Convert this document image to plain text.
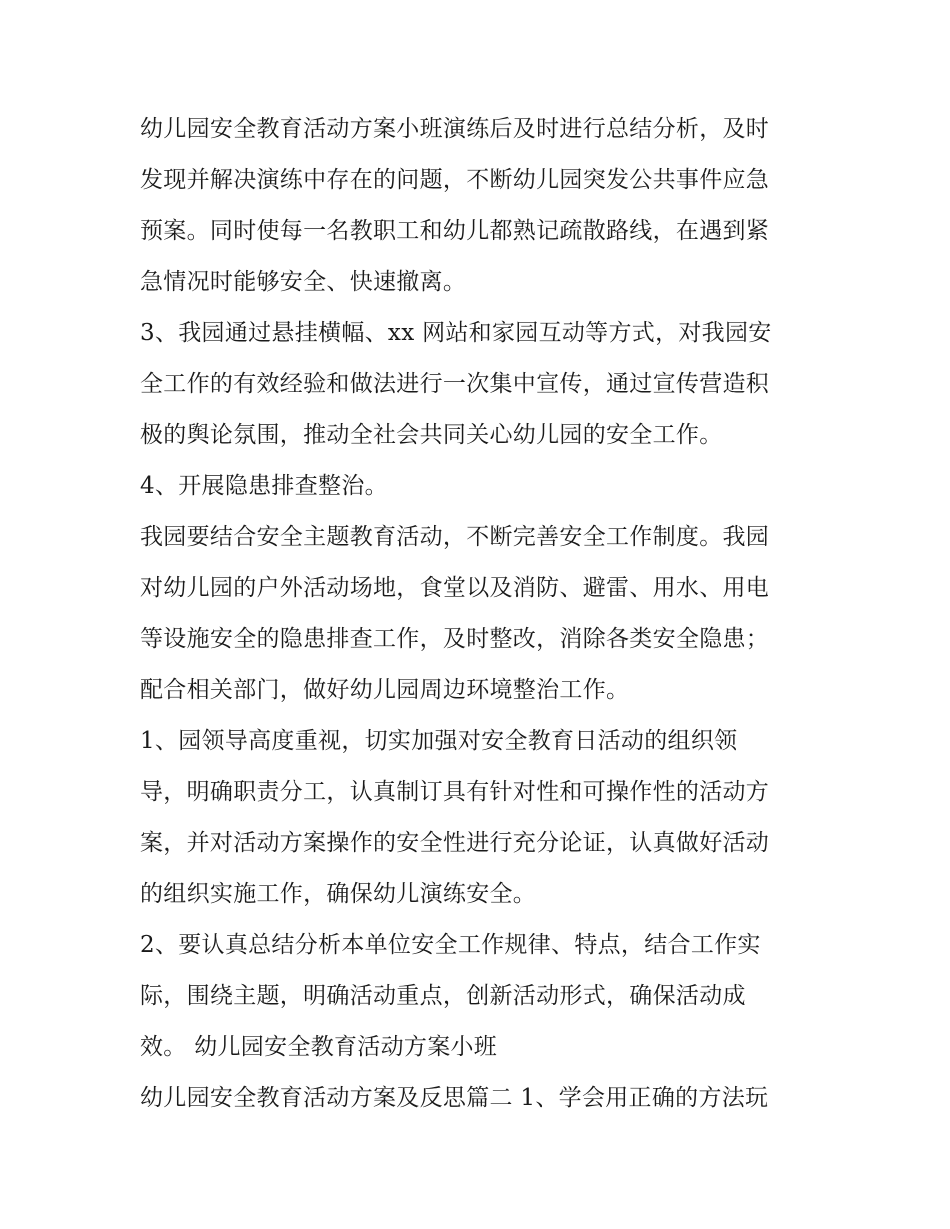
幼儿园安全教育活动方案小班演练后及时进行总结分析，及时
发现并解决演练中存在的问题，不断幼儿园突发公共事件应急
预案。同时使每一名教职工和幼儿都熟记疏散路线，在遇到紧
急情况时能够安全、快速撤离。
3、我园通过悬挂横幅、xx 网站和家园互动等方式，对我园安
全工作的有效经验和做法进行一次集中宣传，通过宣传营造积
极的舆论氛围，推动全社会共同关心幼儿园的安全工作。
4、开展隐患排查整治。
我园要结合安全主题教育活动，不断完善安全工作制度。我园
对幼儿园的户外活动场地，食堂以及消防、避雷、用水、用电
等设施安全的隐患排查工作，及时整改，消除各类安全隐患；
配合相关部门，做好幼儿园周边环境整治工作。
1、园领导高度重视，切实加强对安全教育日活动的组织领
导，明确职责分工，认真制订具有针对性和可操作性的活动方
案，并对活动方案操作的安全性进行充分论证，认真做好活动
的组织实施工作，确保幼儿演练安全。
2、要认真总结分析本单位安全工作规律、特点，结合工作实
际，围绕主题，明确活动重点，创新活动形式，确保活动成
效。 幼儿园安全教育活动方案小班
幼儿园安全教育活动方案及反思篇二 1、学会用正确的方法玩
